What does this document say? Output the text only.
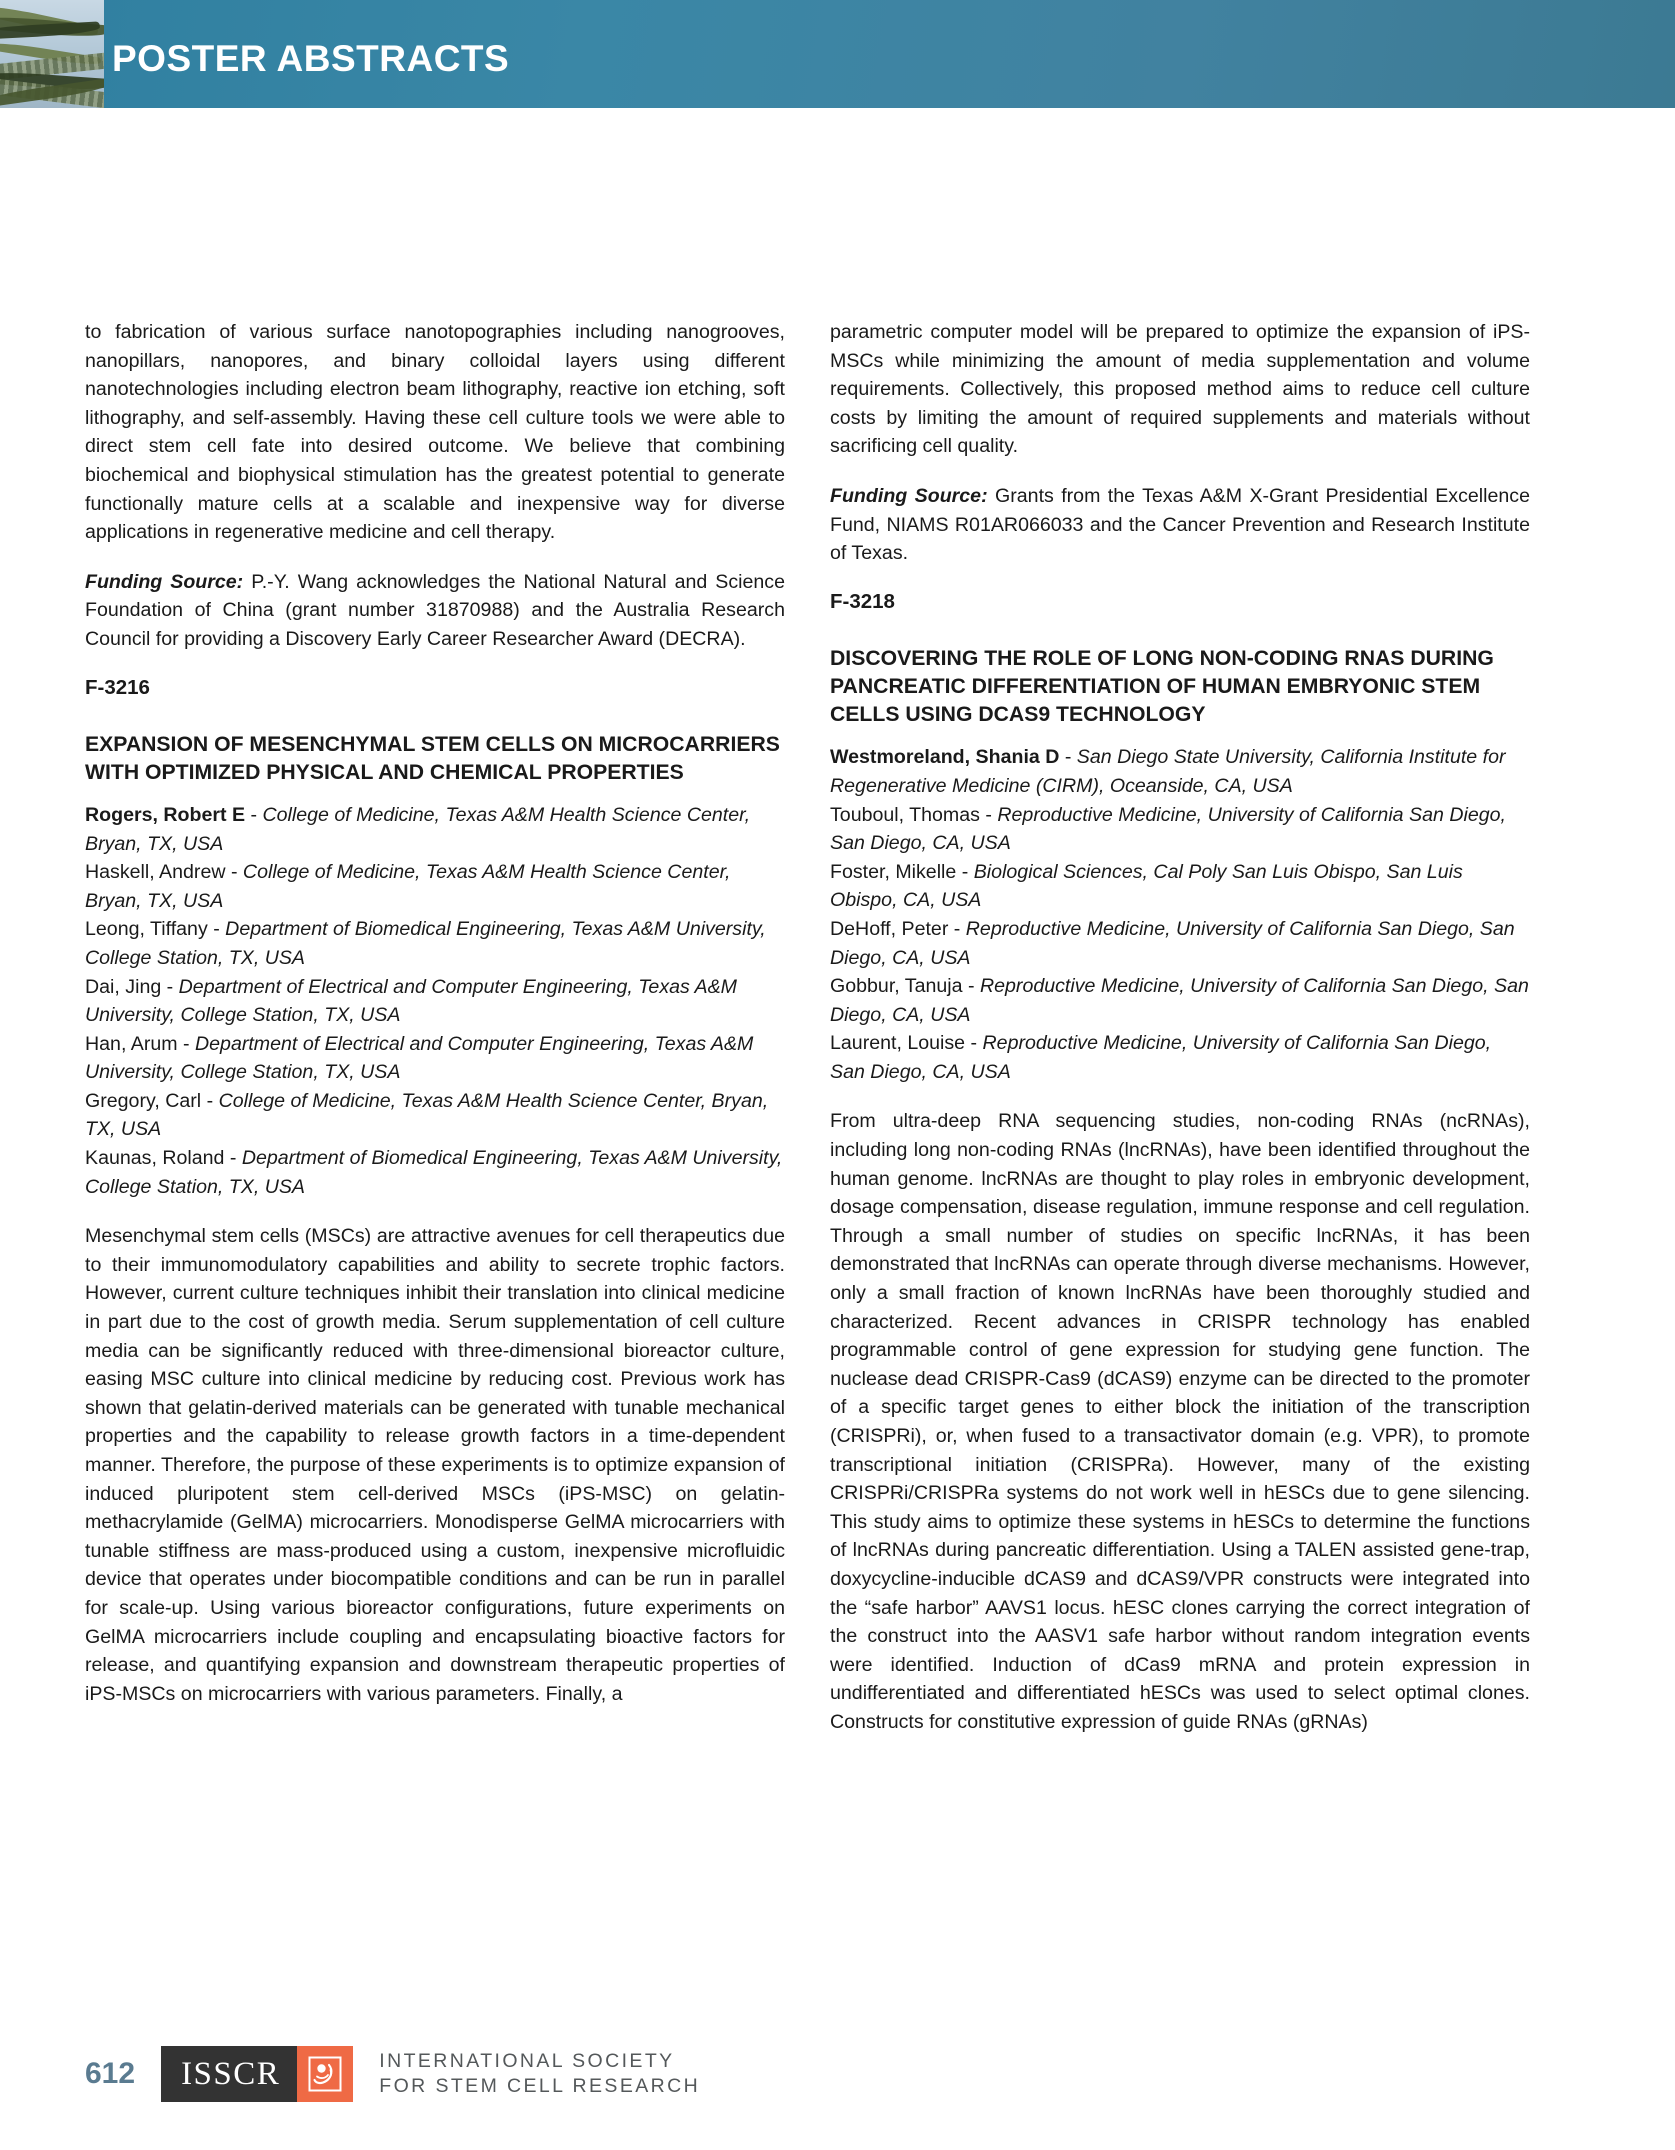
POSTER ABSTRACTS

to fabrication of various surface nanotopographies including nanogrooves, nanopillars, nanopores, and binary colloidal layers using different nanotechnologies including electron beam lithography, reactive ion etching, soft lithography, and self-assembly. Having these cell culture tools we were able to direct stem cell fate into desired outcome. We believe that combining biochemical and biophysical stimulation has the greatest potential to generate functionally mature cells at a scalable and inexpensive way for diverse applications in regenerative medicine and cell therapy.

Funding Source: P.-Y. Wang acknowledges the National Natural and Science Foundation of China (grant number 31870988) and the Australia Research Council for providing a Discovery Early Career Researcher Award (DECRA).

F-3216
EXPANSION OF MESENCHYMAL STEM CELLS ON MICROCARRIERS WITH OPTIMIZED PHYSICAL AND CHEMICAL PROPERTIES
Rogers, Robert E - College of Medicine, Texas A&M Health Science Center, Bryan, TX, USA
Haskell, Andrew - College of Medicine, Texas A&M Health Science Center, Bryan, TX, USA
Leong, Tiffany - Department of Biomedical Engineering, Texas A&M University, College Station, TX, USA
Dai, Jing - Department of Electrical and Computer Engineering, Texas A&M University, College Station, TX, USA
Han, Arum - Department of Electrical and Computer Engineering, Texas A&M University, College Station, TX, USA
Gregory, Carl - College of Medicine, Texas A&M Health Science Center, Bryan, TX, USA
Kaunas, Roland - Department of Biomedical Engineering, Texas A&M University, College Station, TX, USA

Mesenchymal stem cells (MSCs) are attractive avenues for cell therapeutics due to their immunomodulatory capabilities and ability to secrete trophic factors. However, current culture techniques inhibit their translation into clinical medicine in part due to the cost of growth media. Serum supplementation of cell culture media can be significantly reduced with three-dimensional bioreactor culture, easing MSC culture into clinical medicine by reducing cost. Previous work has shown that gelatin-derived materials can be generated with tunable mechanical properties and the capability to release growth factors in a time-dependent manner. Therefore, the purpose of these experiments is to optimize expansion of induced pluripotent stem cell-derived MSCs (iPS-MSC) on gelatin-methacrylamide (GelMA) microcarriers. Monodisperse GelMA microcarriers with tunable stiffness are mass-produced using a custom, inexpensive microfluidic device that operates under biocompatible conditions and can be run in parallel for scale-up. Using various bioreactor configurations, future experiments on GelMA microcarriers include coupling and encapsulating bioactive factors for release, and quantifying expansion and downstream therapeutic properties of iPS-MSCs on microcarriers with various parameters. Finally, a

parametric computer model will be prepared to optimize the expansion of iPS-MSCs while minimizing the amount of media supplementation and volume requirements. Collectively, this proposed method aims to reduce cell culture costs by limiting the amount of required supplements and materials without sacrificing cell quality.

Funding Source: Grants from the Texas A&M X-Grant Presidential Excellence Fund, NIAMS R01AR066033 and the Cancer Prevention and Research Institute of Texas.

F-3218
DISCOVERING THE ROLE OF LONG NON-CODING RNAS DURING PANCREATIC DIFFERENTIATION OF HUMAN EMBRYONIC STEM CELLS USING DCAS9 TECHNOLOGY
Westmoreland, Shania D - San Diego State University, California Institute for Regenerative Medicine (CIRM), Oceanside, CA, USA
Touboul, Thomas - Reproductive Medicine, University of California San Diego, San Diego, CA, USA
Foster, Mikelle - Biological Sciences, Cal Poly San Luis Obispo, San Luis Obispo, CA, USA
DeHoff, Peter - Reproductive Medicine, University of California San Diego, San Diego, CA, USA
Gobbur, Tanuja - Reproductive Medicine, University of California San Diego, San Diego, CA, USA
Laurent, Louise - Reproductive Medicine, University of California San Diego, San Diego, CA, USA

From ultra-deep RNA sequencing studies, non-coding RNAs (ncRNAs), including long non-coding RNAs (lncRNAs), have been identified throughout the human genome. lncRNAs are thought to play roles in embryonic development, dosage compensation, disease regulation, immune response and cell regulation. Through a small number of studies on specific lncRNAs, it has been demonstrated that lncRNAs can operate through diverse mechanisms. However, only a small fraction of known lncRNAs have been thoroughly studied and characterized. Recent advances in CRISPR technology has enabled programmable control of gene expression for studying gene function. The nuclease dead CRISPR-Cas9 (dCAS9) enzyme can be directed to the promoter of a specific target genes to either block the initiation of the transcription (CRISPRi), or, when fused to a transactivator domain (e.g. VPR), to promote transcriptional initiation (CRISPRa). However, many of the existing CRISPRi/CRISPRa systems do not work well in hESCs due to gene silencing. This study aims to optimize these systems in hESCs to determine the functions of lncRNAs during pancreatic differentiation. Using a TALEN assisted gene-trap, doxycycline-inducible dCAS9 and dCAS9/VPR constructs were integrated into the “safe harbor” AAVS1 locus. hESC clones carrying the correct integration of the construct into the AASV1 safe harbor without random integration events were identified. Induction of dCas9 mRNA and protein expression in undifferentiated and differentiated hESCs was used to select optimal clones. Constructs for constitutive expression of guide RNAs (gRNAs)

612 ISSCR	INTERNATIONAL SOCIETY
FOR STEM CELL RESEARCH
